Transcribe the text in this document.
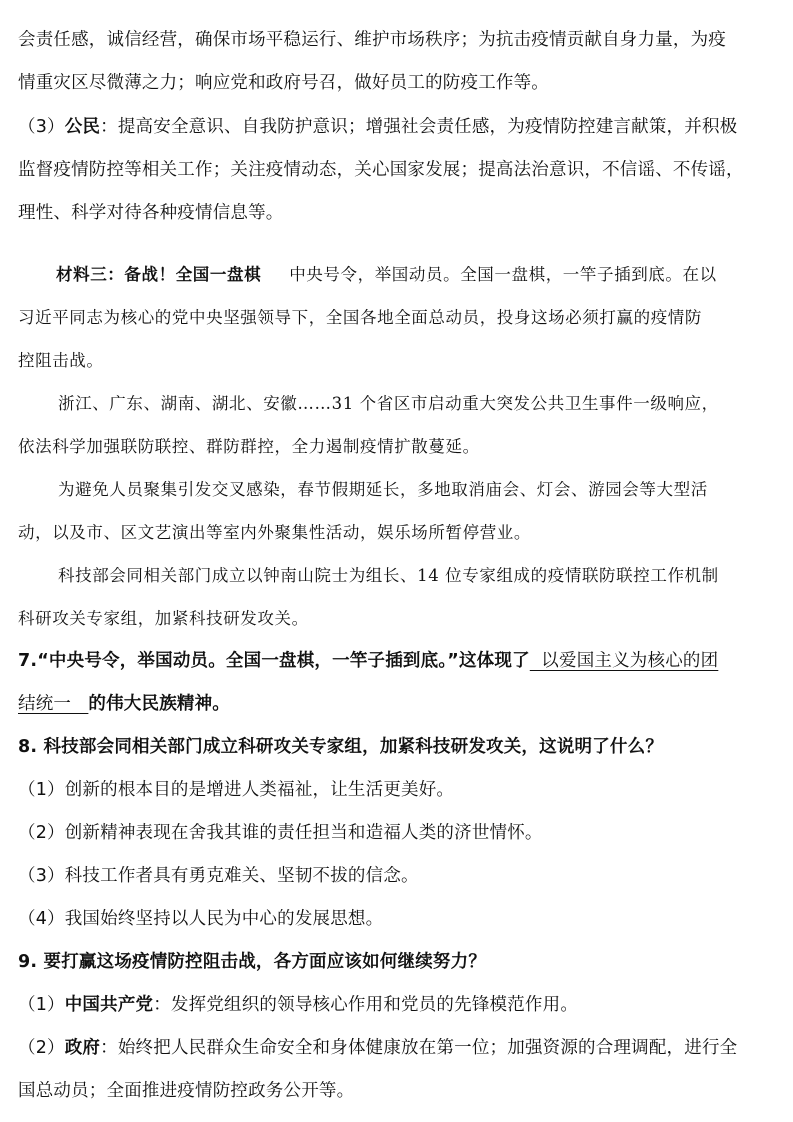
会责任感，诚信经营，确保市场平稳运行、维护市场秩序；为抗击疫情贡献自身力量，为疫
情重灾区尽微薄之力；响应党和政府号召，做好员工的防疫工作等。
（3）公民：提高安全意识、自我防护意识；增强社会责任感，为疫情防控建言献策，并积极
监督疫情防控等相关工作；关注疫情动态，关心国家发展；提高法治意识，不信谣、不传谣，
理性、科学对待各种疫情信息等。
材料三：备战！全国一盘棋 中央号令，举国动员。全国一盘棋，一竿子插到底。在以
习近平同志为核心的党中央坚强领导下，全国各地全面总动员，投身这场必须打赢的疫情防
控阻击战。
浙江、广东、湖南、湖北、安徽……31 个省区市启动重大突发公共卫生事件一级响应，
依法科学加强联防联控、群防群控，全力遏制疫情扩散蔓延。
为避免人员聚集引发交叉感染，春节假期延长，多地取消庙会、灯会、游园会等大型活
动，以及市、区文艺演出等室内外聚集性活动，娱乐场所暂停营业。
科技部会同相关部门成立以钟南山院士为组长、14 位专家组成的疫情联防联控工作机制
科研攻关专家组，加紧科技研发攻关。
7.“中央号令，举国动员。全国一盘棋，一竿子插到底。”这体现了  以爱国主义为核心的团
结统一   的伟大民族精神。
8. 科技部会同相关部门成立科研攻关专家组，加紧科技研发攻关，这说明了什么？
（1）创新的根本目的是增进人类福祉，让生活更美好。
（2）创新精神表现在舍我其谁的责任担当和造福人类的济世情怀。
（3）科技工作者具有勇克难关、坚韧不拔的信念。
（4）我国始终坚持以人民为中心的发展思想。
9. 要打赢这场疫情防控阻击战，各方面应该如何继续努力？
（1）中国共产党：发挥党组织的领导核心作用和党员的先锋模范作用。
（2）政府：始终把人民群众生命安全和身体健康放在第一位；加强资源的合理调配，进行全
国总动员；全面推进疫情防控政务公开等。
